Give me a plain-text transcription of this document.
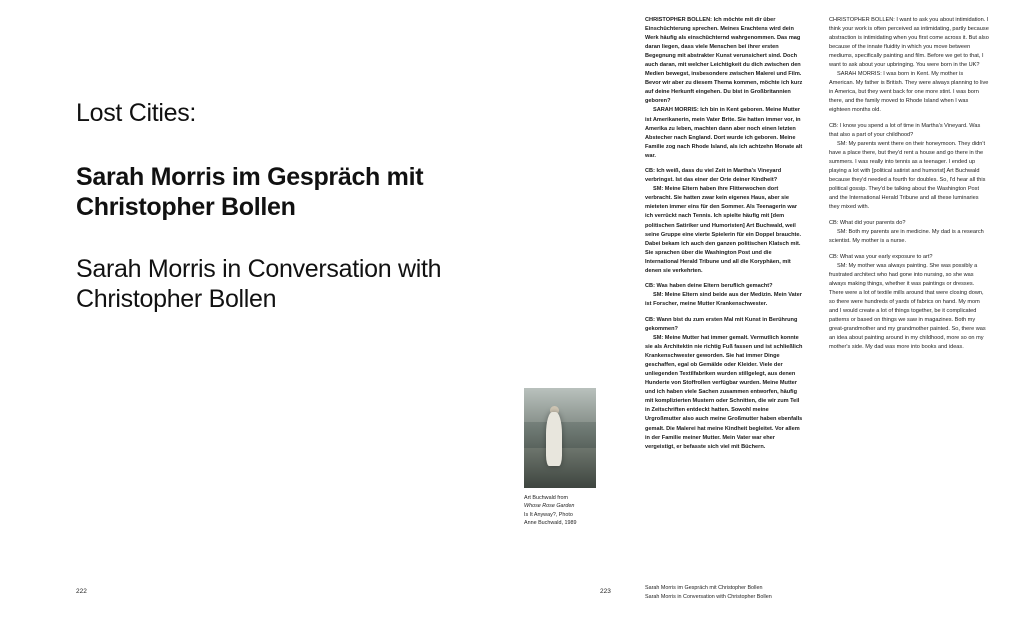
Lost Cities:
Sarah Morris im Gespräch mit Christopher Bollen
Sarah Morris in Conversation with Christopher Bollen
Art Buchwald from
Whose Rose Garden
Is It Anyway?, Photo
Anne Buchwald, 1989
222

CHRISTOPHER BOLLEN: Ich möchte mit dir über Einschüchterung sprechen. Meines Erachtens wird dein Werk häufig als einschüchternd wahrgenommen. Das mag daran liegen, dass viele Menschen bei ihrer ersten Begegnung mit abstrakter Kunst verunsichert sind. Doch auch daran, mit welcher Leichtigkeit du dich zwischen den Medien bewegst, insbesondere zwischen Malerei und Film. Bevor wir aber zu diesem Thema kommen, möchte ich kurz auf deine Herkunft eingehen. Du bist in Großbritannien geboren?

SARAH MORRIS: Ich bin in Kent geboren. Meine Mutter ist Amerikanerin, mein Vater Brite. Sie hatten immer vor, in Amerika zu leben, machten dann aber noch einen letzten Abstecher nach England. Dort wurde ich geboren. Meine Familie zog nach Rhode Island, als ich achtzehn Monate alt war.

CB: Ich weiß, dass du viel Zeit in Martha's Vineyard verbringst. Ist das einer der Orte deiner Kindheit?

SM: Meine Eltern haben ihre Flitterwochen dort verbracht. Sie hatten zwar kein eigenes Haus, aber sie mieteten immer eins für den Sommer. Als Teenagerin war ich verrückt nach Tennis. Ich spielte häufig mit [dem politischen Satiriker und Humoristen] Art Buchwald, weil seine Gruppe eine vierte Spielerin für ein Doppel brauchte. Dabei bekam ich auch den ganzen politischen Klatsch mit. Sie sprachen über die Washington Post und die International Herald Tribune und all die Koryphäen, mit denen sie verkehrten.

CB: Was haben deine Eltern beruflich gemacht?

SM: Meine Eltern sind beide aus der Medizin. Mein Vater ist Forscher, meine Mutter Krankenschwester.

CB: Wann bist du zum ersten Mal mit Kunst in Berührung gekommen?

SM: Meine Mutter hat immer gemalt. Vermutlich konnte sie als Architektin nie richtig Fuß fassen und ist schließlich Krankenschwester geworden. Sie hat immer Dinge geschaffen, egal ob Gemälde oder Kleider. Viele der unliegenden Textilfabriken wurden stillgelegt, aus denen Hunderte von Stoffrollen verfügbar wurden. Meine Mutter und ich haben viele Sachen zusammen entworfen, häufig mit komplizierten Mustern oder Schnitten, die wir zum Teil in Zeitschriften entdeckt hatten. Sowohl meine Urgroßmutter also auch meine Großmutter haben ebenfalls gemalt. Die Malerei hat meine Kindheit begleitet. Vor allem in der Familie meiner Mutter. Mein Vater war eher vergeistigt, er befasste sich viel mit Büchern.

CHRISTOPHER BOLLEN: I want to ask you about intimidation. I think your work is often perceived as intimidating, partly because abstraction is intimidating when you first come across it. But also because of the innate fluidity in which you move between mediums, specifically painting and film. Before we get to that, I want to ask about your upbringing. You were born in the UK?

SARAH MORRIS: I was born in Kent. My mother is American. My father is British. They were always planning to live in America, but they went back for one more stint. I was born there, and the family moved to Rhode Island when I was eighteen months old.

CB: I know you spend a lot of time in Martha's Vineyard. Was that also a part of your childhood?

SM: My parents went there on their honeymoon. They didn't have a place there, but they'd rent a house and go there in the summers. I was really into tennis as a teenager. I ended up playing a lot with [political satirist and humorist] Art Buchwald because they'd needed a fourth for doubles. So, I'd hear all this political gossip. They'd be talking about the Washington Post and the International Herald Tribune and all these luminaries they mixed with.

CB: What did your parents do?

SM: Both my parents are in medicine. My dad is a research scientist. My mother is a nurse.

CB: What was your early exposure to art?

SM: My mother was always painting. She was possibly a frustrated architect who had gone into nursing, so she was always making things, whether it was paintings or dresses. There were a lot of textile mills around that were closing down, so there were hundreds of yards of fabrics on hand. My mom and I would create a lot of things together, be it complicated patterns or based on things we saw in magazines. Both my great-grandmother and my grandmother painted. So, there was an idea about painting around in my childhood, more so on my mother's side. My dad was more into books and ideas.

223	Sarah Morris im Gespräch mit Christopher Bollen
Sarah Morris in Conversation with Christopher Bollen
